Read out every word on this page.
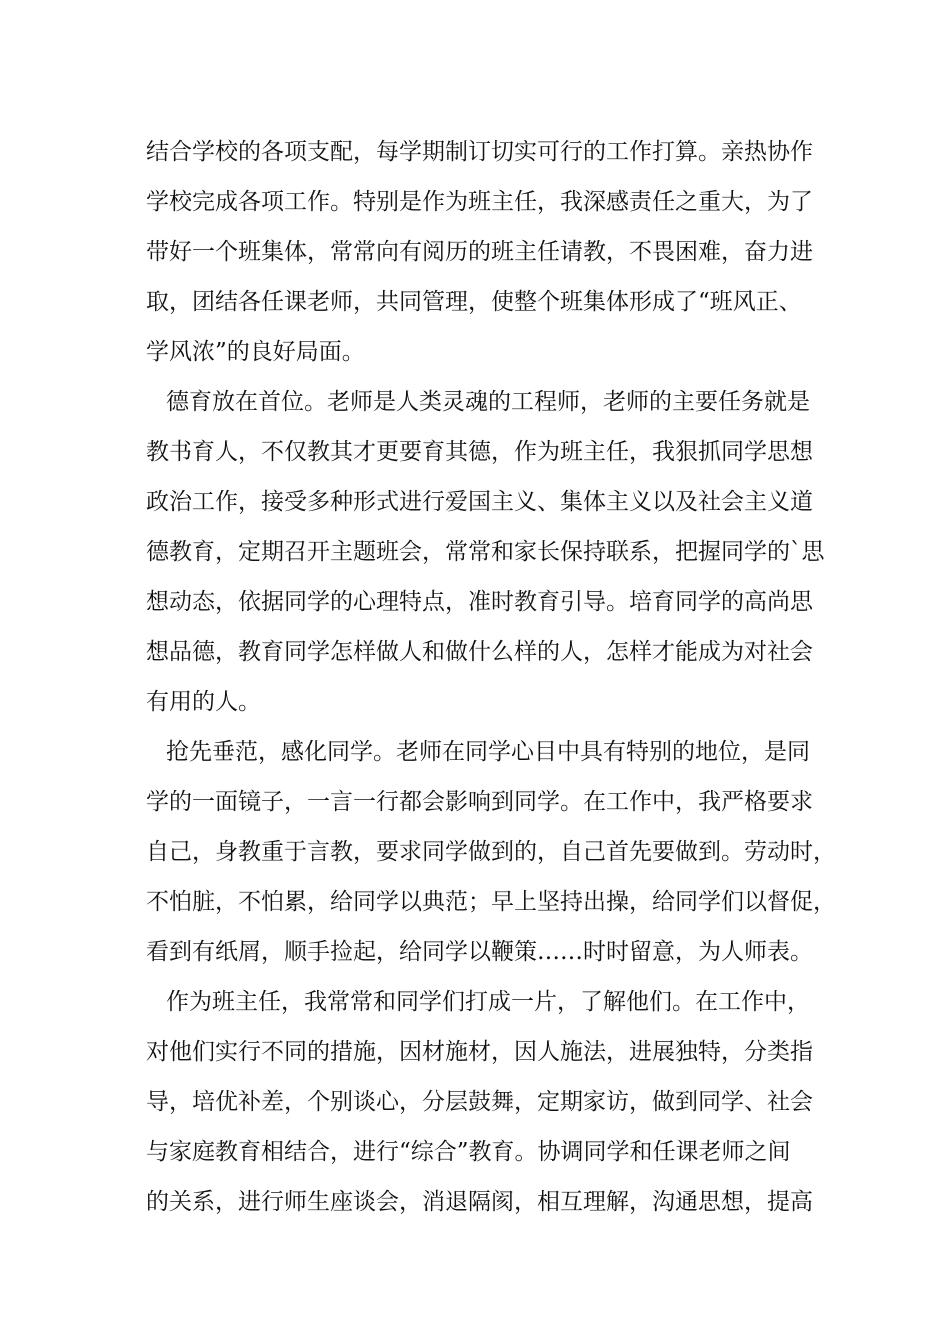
结合学校的各项支配，每学期制订切实可行的工作打算。亲热协作
学校完成各项工作。特别是作为班主任，我深感责任之重大，为了
带好一个班集体，常常向有阅历的班主任请教，不畏困难，奋力进
取，团结各任课老师，共同管理，使整个班集体形成了“班风正、
学风浓”的良好局面。
德育放在首位。老师是人类灵魂的工程师，老师的主要任务就是
教书育人，不仅教其才更要育其德，作为班主任，我狠抓同学思想
政治工作，接受多种形式进行爱国主义、集体主义以及社会主义道
德教育，定期召开主题班会，常常和家长保持联系，把握同学的`思
想动态，依据同学的心理特点，准时教育引导。培育同学的高尚思
想品德，教育同学怎样做人和做什么样的人，怎样才能成为对社会
有用的人。
抢先垂范，感化同学。老师在同学心目中具有特别的地位，是同
学的一面镜子，一言一行都会影响到同学。在工作中，我严格要求
自己，身教重于言教，要求同学做到的，自己首先要做到。劳动时，
不怕脏，不怕累，给同学以典范；早上坚持出操，给同学们以督促，
看到有纸屑，顺手捡起，给同学以鞭策……时时留意，为人师表。
作为班主任，我常常和同学们打成一片，了解他们。在工作中，
对他们实行不同的措施，因材施材，因人施法，进展独特，分类指
导，培优补差，个别谈心，分层鼓舞，定期家访，做到同学、社会
与家庭教育相结合，进行“综合”教育。协调同学和任课老师之间
的关系，进行师生座谈会，消退隔阂，相互理解，沟通思想，提高
